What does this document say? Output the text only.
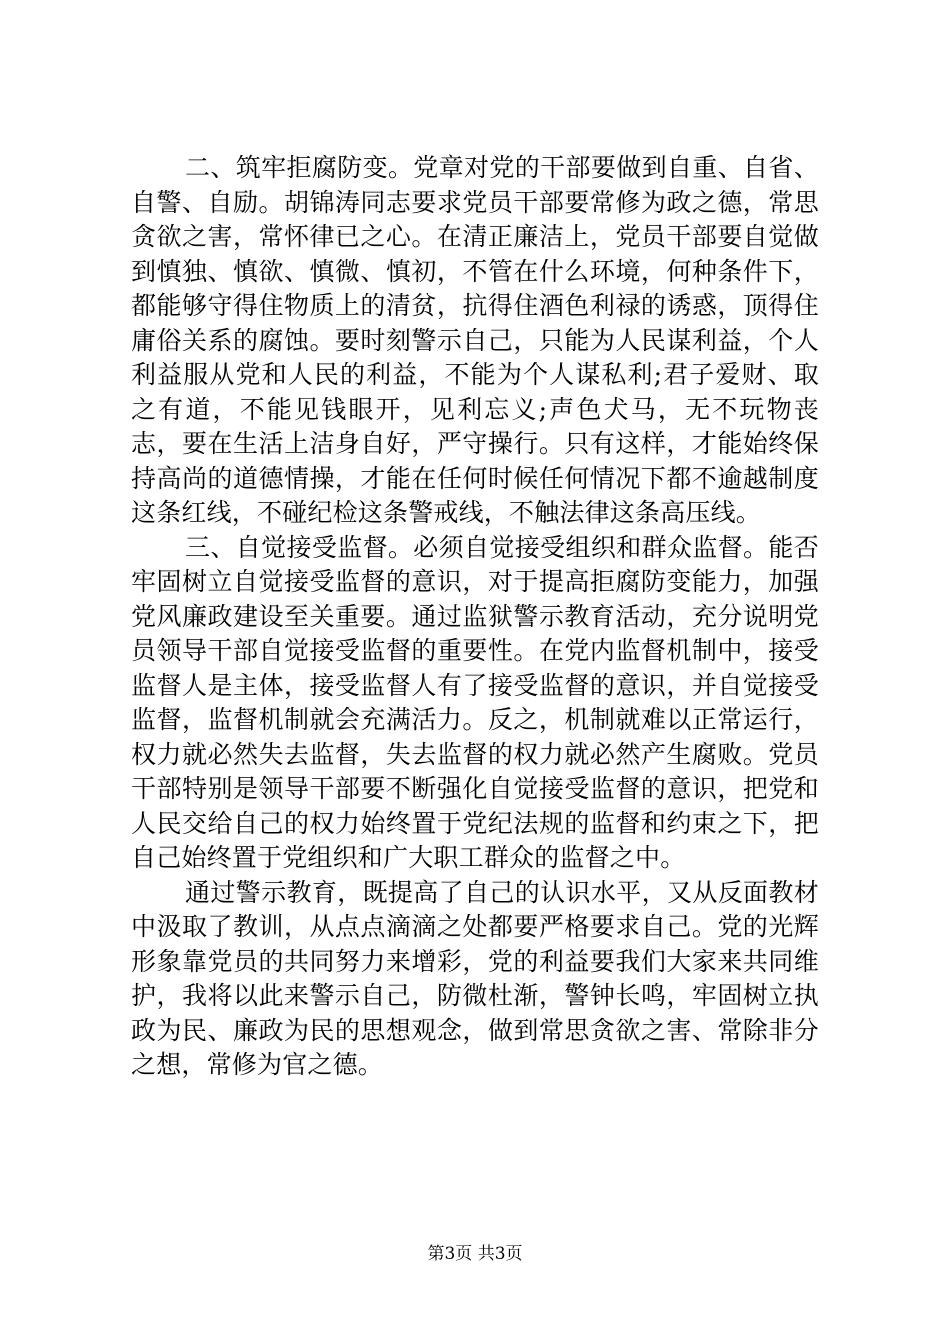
二、筑牢拒腐防变。党章对党的干部要做到自重、自省、自警、自励。胡锦涛同志要求党员干部要常修为政之德，常思贪欲之害，常怀律已之心。在清正廉洁上，党员干部要自觉做到慎独、慎欲、慎微、慎初，不管在什么环境，何种条件下，都能够守得住物质上的清贫，抗得住酒色利禄的诱惑，顶得住庸俗关系的腐蚀。要时刻警示自己，只能为人民谋利益，个人利益服从党和人民的利益，不能为个人谋私利;君子爱财、取之有道，不能见钱眼开，见利忘义;声色犬马，无不玩物丧志，要在生活上洁身自好，严守操行。只有这样，才能始终保持高尚的道德情操，才能在任何时候任何情况下都不逾越制度这条红线，不碰纪检这条警戒线，不触法律这条高压线。

三、自觉接受监督。必须自觉接受组织和群众监督。能否牢固树立自觉接受监督的意识，对于提高拒腐防变能力，加强党风廉政建设至关重要。通过监狱警示教育活动，充分说明党员领导干部自觉接受监督的重要性。在党内监督机制中，接受监督人是主体，接受监督人有了接受监督的意识，并自觉接受监督，监督机制就会充满活力。反之，机制就难以正常运行，权力就必然失去监督，失去监督的权力就必然产生腐败。党员干部特别是领导干部要不断强化自觉接受监督的意识，把党和人民交给自己的权力始终置于党纪法规的监督和约束之下，把自己始终置于党组织和广大职工群众的监督之中。

通过警示教育，既提高了自己的认识水平，又从反面教材中汲取了教训，从点点滴滴之处都要严格要求自己。党的光辉形象靠党员的共同努力来增彩，党的利益要我们大家来共同维护，我将以此来警示自己，防微杜渐，警钟长鸣，牢固树立执政为民、廉政为民的思想观念，做到常思贪欲之害、常除非分之想，常修为官之德。

第3页 共3页
